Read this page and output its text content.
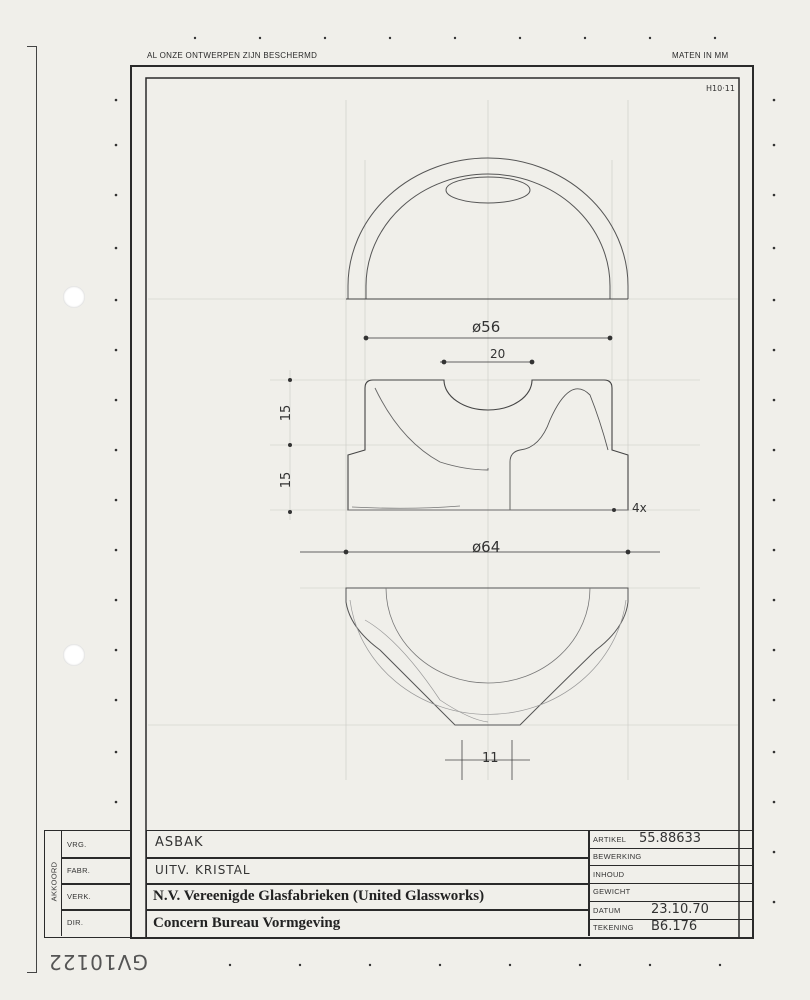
AL ONZE ONTWERPEN ZIJN BESCHERMD	MATEN IN MM
H10·11
ø56
20
15
15
4x
ø64
11
AKKOORD
VRG.
FABR.
VERK.
DIR.
ASBAK
UITV. KRISTAL
N.V. Vereenigde Glasfabrieken (United Glassworks)
Concern Bureau Vormgeving
ARTIKEL 55.88633
BEWERKING
INHOUD
GEWICHT
DATUM 23.10.70
TEKENING B6.176
GV10122
